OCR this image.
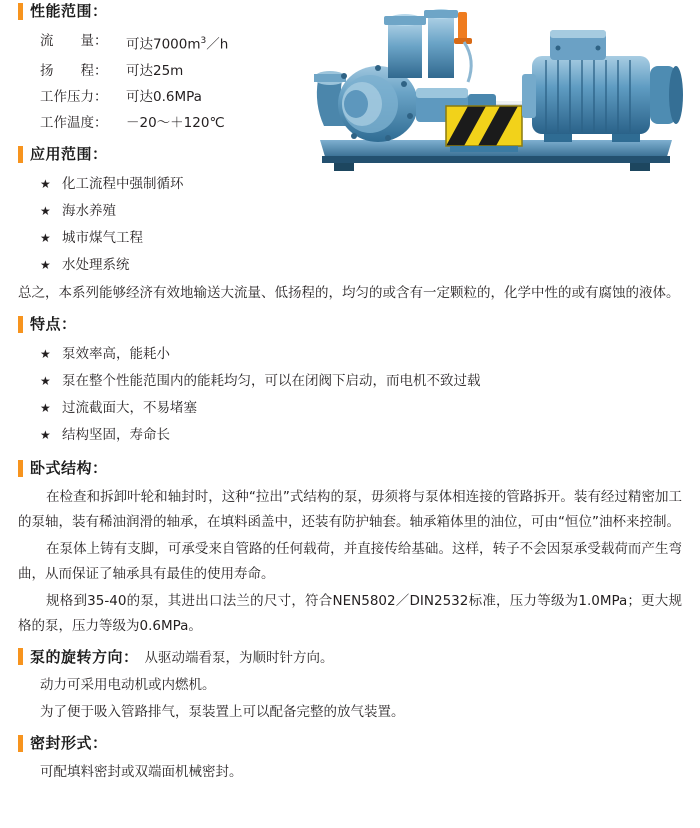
性能范围：
流　　量：	可达$7000m^3/h$
扬　　程：	可达25m
工作压力：	可达0.6MPa
工作温度：	－20～＋120℃
应用范围：
★ 化工流程中强制循环
★ 海水养殖
★ 城市煤气工程
★ 水处理系统

总之，本系列能够经济有效地输送大流量、低扬程的，均匀的或含有一定颗粒的，化学中性的或有腐蚀的液体。

特点：
★ 泵效率高，能耗小
★ 泵在整个性能范围内的能耗均匀，可以在闭阀下启动，而电机不致过载
★ 过流截面大，不易堵塞
★ 结构坚固，寿命长
卧式结构：

在检查和拆卸叶轮和轴封时，这种“拉出”式结构的泵，毋须将与泵体相连接的管路拆开。装有经过精密加工的泵轴，装有稀油润滑的轴承，在填料函盖中，还装有防护轴套。轴承箱体里的油位，可由“恒位”油杯来控制。

在泵体上铸有支脚，可承受来自管路的任何载荷，并直接传给基础。这样，转子不会因泵承受载荷而产生弯曲，从而保证了轴承具有最佳的使用寿命。

规格到35-40的泵，其进出口法兰的尺寸，符合NEN5802／DIN2532标准，压力等级为1.0MPa；更大规格的泵，压力等级为0.6MPa。

泵的旋转方向： 从驱动端看泵，为顺时针方向。

动力可采用电动机或内燃机。

为了便于吸入管路排气，泵装置上可以配备完整的放气装置。

密封形式：

可配填料密封或双端面机械密封。
